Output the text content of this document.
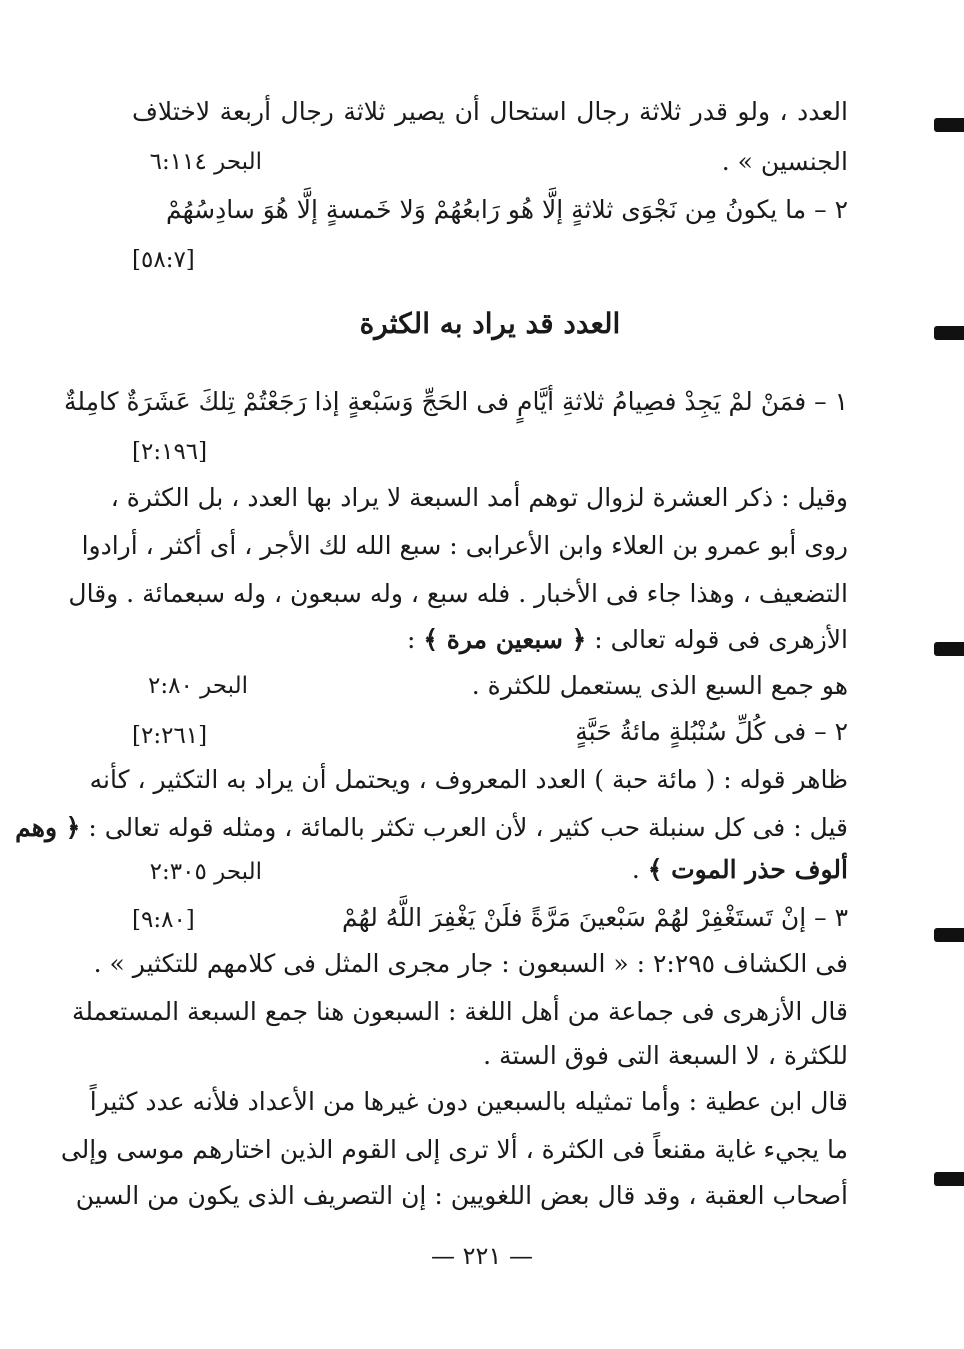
العدد ، ولو قدر ثلاثة رجال استحال أن يصير ثلاثة رجال أربعة لاختلاف
الجنسين » .
البحر ٦:١١٤
٢ – ما يكونُ مِن نَجْوَى ثلاثةٍ إلَّا هُو رَابعُهُمْ وَلا خَمسةٍ إلَّا هُوَ سادِسُهُمْ
[٥٨:٧]
العدد قد يراد به الكثرة
١ – فمَنْ لمْ يَجِدْ فصِيامُ ثلاثةِ أيَّامٍ فى الحَجِّ وَسَبْعةٍ إذا رَجَعْتُمْ تِلكَ عَشَرَةٌ كامِلةٌ
[٢:١٩٦]
وقيل : ذكر العشرة لزوال توهم أمد السبعة لا يراد بها العدد ، بل الكثرة ،
روى أبو عمرو بن العلاء وابن الأعرابى : سبع الله لك الأجر ، أى أكثر ، أرادوا
التضعيف ، وهذا جاء فى الأخبار . فله سبع ، وله سبعون ، وله سبعمائة . وقال
الأزهرى فى قوله تعالى : ﴿ سبعين مرة ﴾ :
هو جمع السبع الذى يستعمل للكثرة .
البحر ٢:٨٠
٢ – فى كُلِّ سُنْبُلةٍ مائةُ حَبَّةٍ
[٢:٢٦١]
ظاهر قوله : ( مائة حبة ) العدد المعروف ، ويحتمل أن يراد به التكثير ، كأنه
قيل : فى كل سنبلة حب كثير ، لأن العرب تكثر بالمائة ، ومثله قوله تعالى : ﴿ وهم
ألوف حذر الموت ﴾ .
البحر ٢:٣٠٥
٣ – إنْ تَستَغْفِرْ لهُمْ سَبْعينَ مَرَّةً فلَنْ يَغْفِرَ اللَّهُ لهُمْ
[٩:٨٠]
فى الكشاف ٢:٢٩٥ : « السبعون : جار مجرى المثل فى كلامهم للتكثير » .
قال الأزهرى فى جماعة من أهل اللغة : السبعون هنا جمع السبعة المستعملة
للكثرة ، لا السبعة التى فوق الستة .
قال ابن عطية : وأما تمثيله بالسبعين دون غيرها من الأعداد فلأنه عدد كثيراً
ما يجيء غاية مقنعاً فى الكثرة ، ألا ترى إلى القوم الذين اختارهم موسى وإلى
أصحاب العقبة ، وقد قال بعض اللغويين : إن التصريف الذى يكون من السين
— ٢٢١ —
